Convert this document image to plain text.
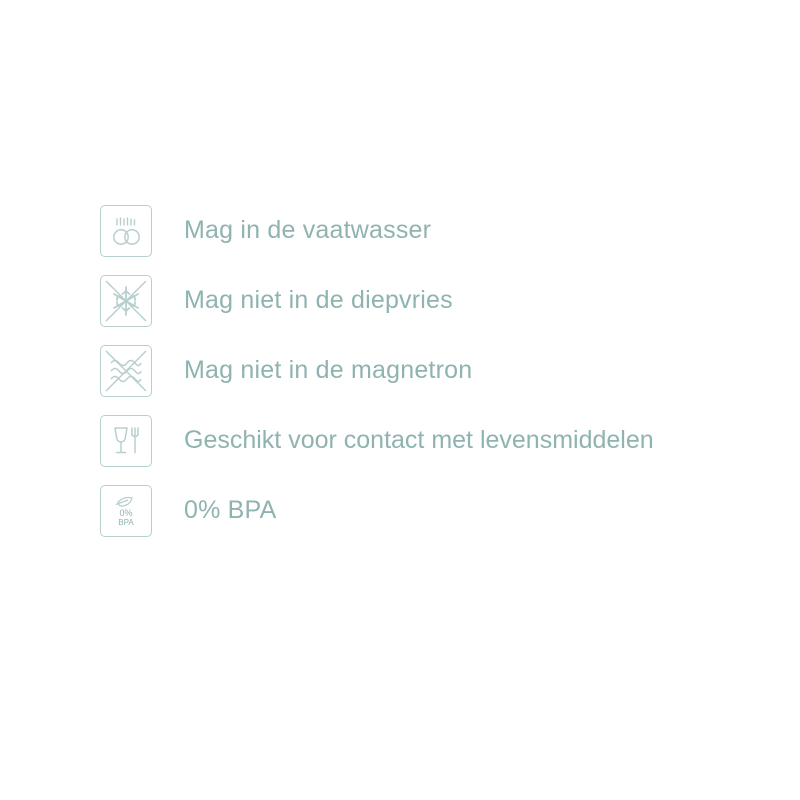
Mag in de vaatwasser
Mag niet in de diepvries
Mag niet in de magnetron
Geschikt voor contact met levensmiddelen
0%
BPA 0% BPA
